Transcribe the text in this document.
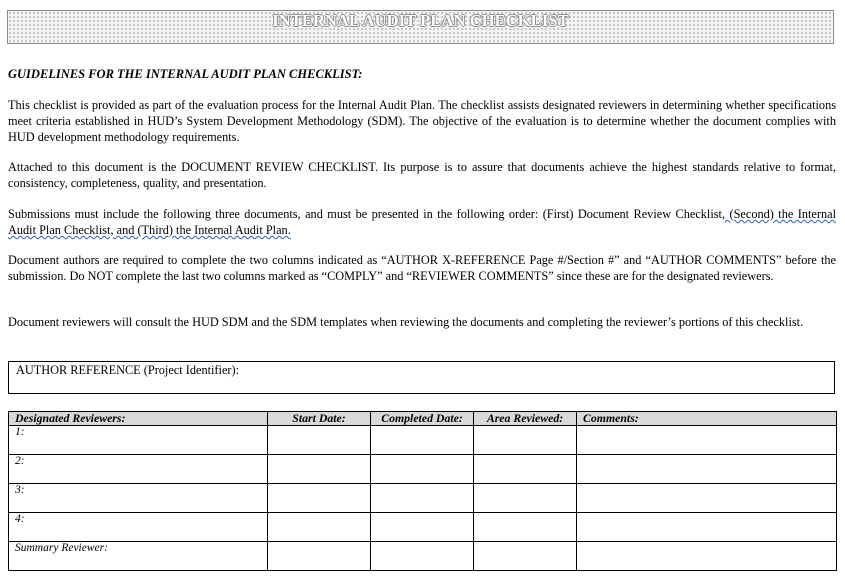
INTERNAL AUDIT PLAN CHECKLIST
GUIDELINES FOR THE INTERNAL AUDIT PLAN CHECKLIST:

This checklist is provided as part of the evaluation process for the Internal Audit Plan. The checklist assists designated reviewers in determining whether specifications meet criteria established in HUD’s System Development Methodology (SDM). The objective of the evaluation is to determine whether the document complies with HUD development methodology requirements.

Attached to this document is the DOCUMENT REVIEW CHECKLIST. Its purpose is to assure that documents achieve the highest standards relative to format, consistency, completeness, quality, and presentation.

Submissions must include the following three documents, and must be presented in the following order: (First) Document Review Checklist, (Second) the Internal Audit Plan Checklist, and (Third) the Internal Audit Plan.

Document authors are required to complete the two columns indicated as “AUTHOR X-REFERENCE Page #/Section #” and “AUTHOR COMMENTS” before the submission. Do NOT complete the last two columns marked as “COMPLY” and “REVIEWER COMMENTS” since these are for the designated reviewers.

Document reviewers will consult the HUD SDM and the SDM templates when reviewing the documents and completing the reviewer’s portions of this checklist.

AUTHOR REFERENCE (Project Identifier):
Designated Reviewers:	Start Date:	Completed Date:	Area Reviewed:	Comments:
1:				
2:				
3:				
4:				
Summary Reviewer:				
